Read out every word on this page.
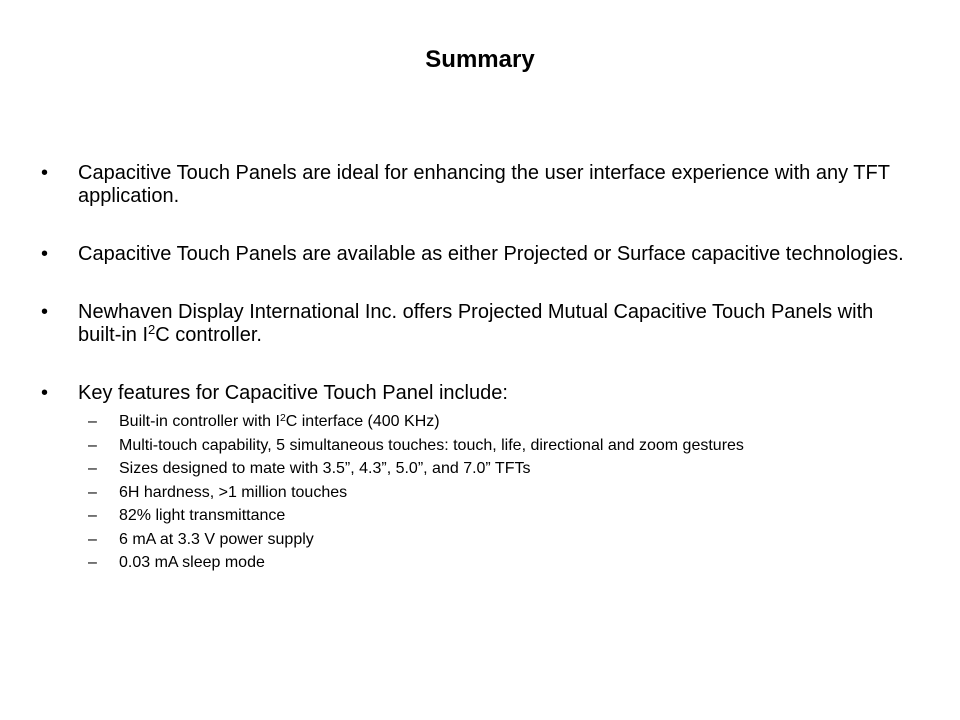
Summary
• Capacitive Touch Panels are ideal for enhancing the user interface experience with any TFT application.
• Capacitive Touch Panels are available as either Projected or Surface capacitive technologies.
• Newhaven Display International Inc. offers Projected Mutual Capacitive Touch Panels with built-in $I^2C$ controller.
• Key features for Capacitive Touch Panel include:
– Built-in controller with $I^2C$ interface (400 KHz)
– Multi-touch capability, 5 simultaneous touches: touch, life, directional and zoom gestures
– Sizes designed to mate with 3.5”, 4.3”, 5.0”, and 7.0” TFTs
– 6H hardness, >1 million touches
– 82% light transmittance
– 6 mA at 3.3 V power supply
– 0.03 mA sleep mode
